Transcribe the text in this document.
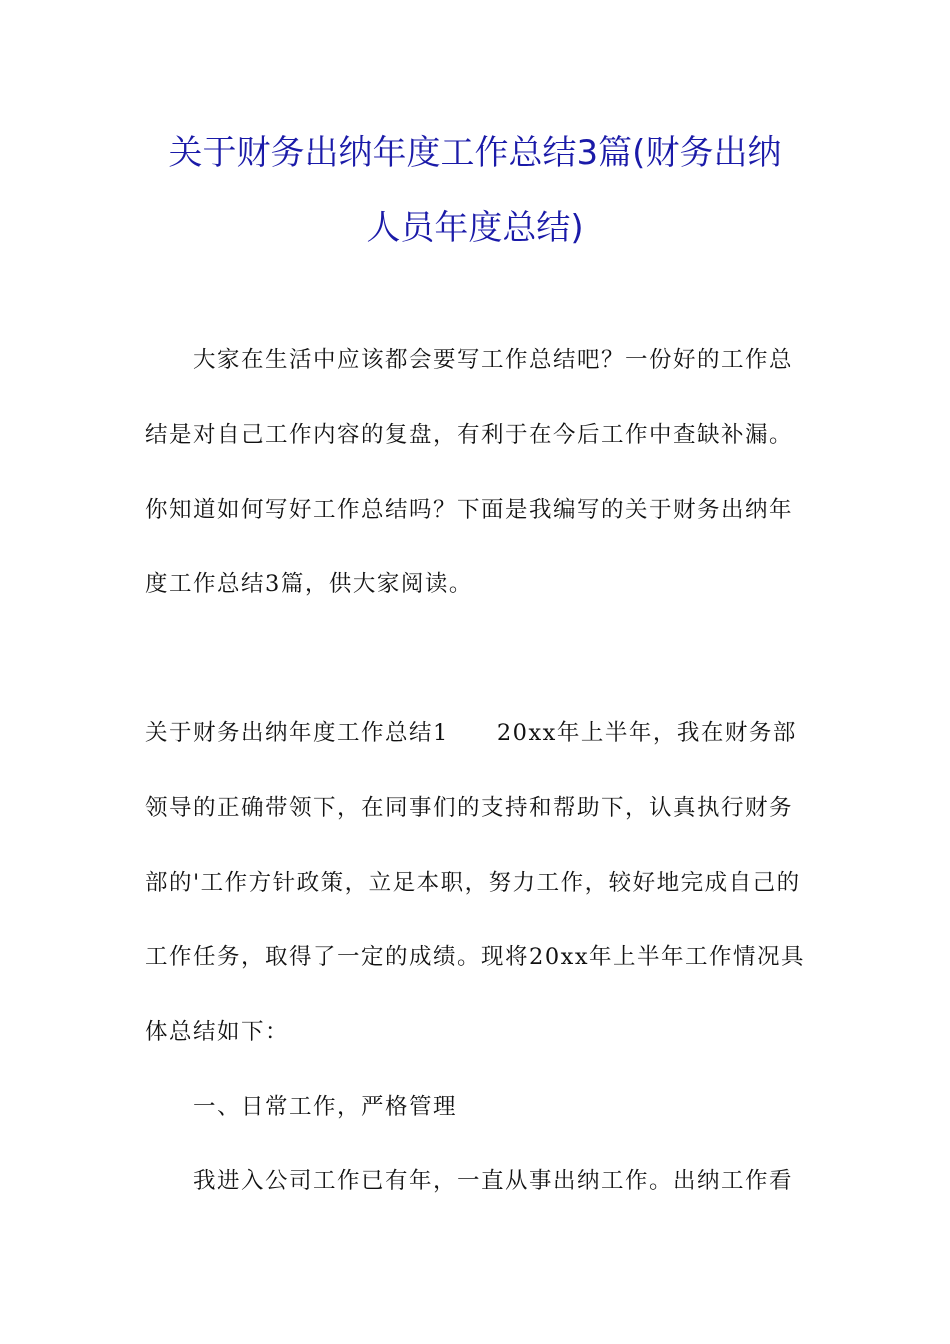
关于财务出纳年度工作总结3篇(财务出纳
人员年度总结)
大家在生活中应该都会要写工作总结吧？一份好的工作总
结是对自己工作内容的复盘，有利于在今后工作中查缺补漏。
你知道如何写好工作总结吗？下面是我编写的关于财务出纳年
度工作总结3篇，供大家阅读。
关于财务出纳年度工作总结1　　20xx年上半年，我在财务部
领导的正确带领下，在同事们的支持和帮助下，认真执行财务
部的'工作方针政策，立足本职，努力工作，较好地完成自己的
工作任务，取得了一定的成绩。现将20xx年上半年工作情况具
体总结如下：
一、日常工作，严格管理
我进入公司工作已有年，一直从事出纳工作。出纳工作看
